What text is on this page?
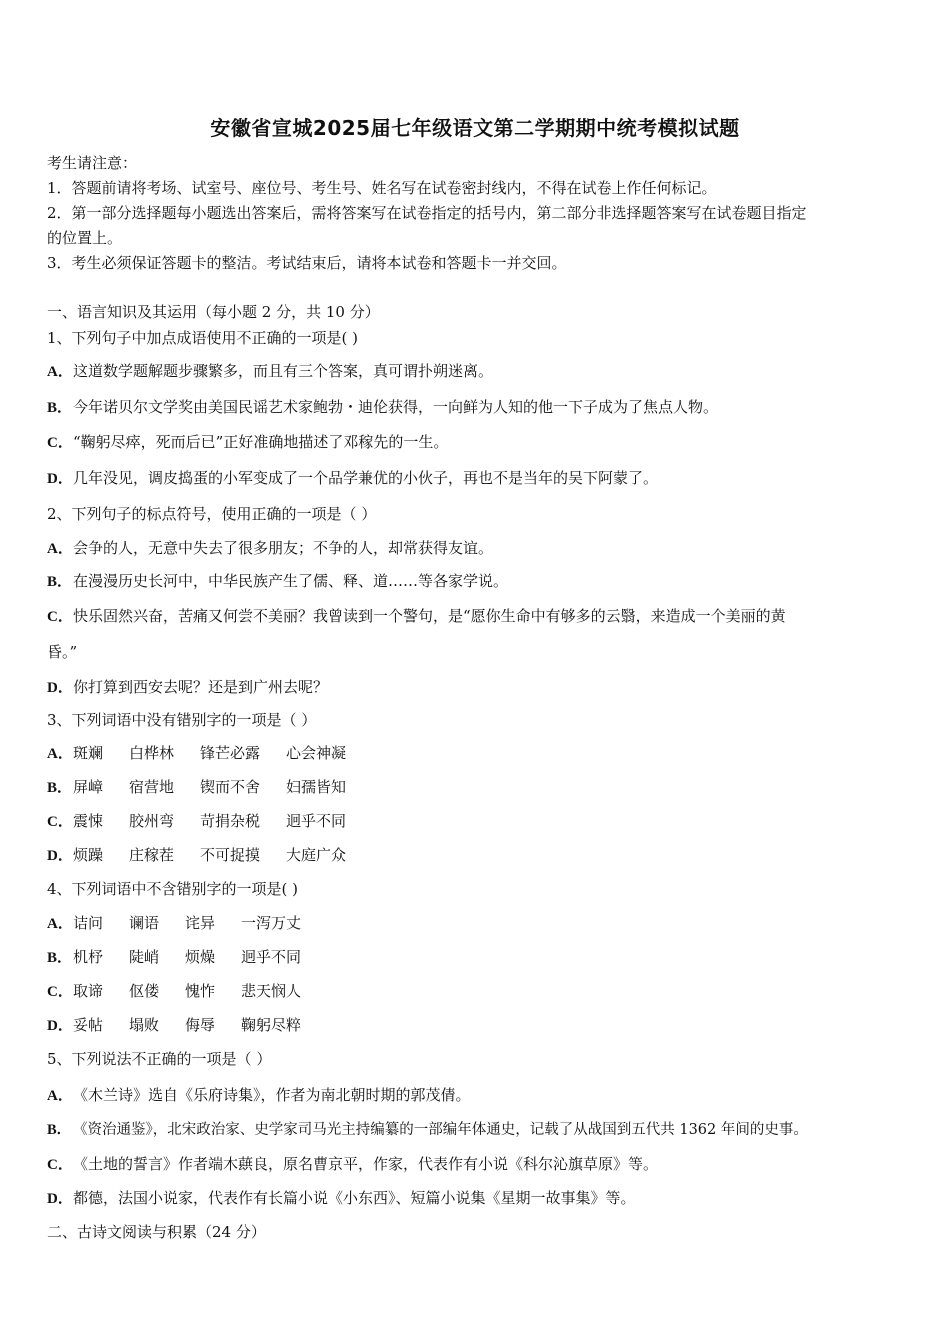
安徽省宣城2025届七年级语文第二学期期中统考模拟试题
考生请注意：
1．答题前请将考场、试室号、座位号、考生号、姓名写在试卷密封线内，不得在试卷上作任何标记。
2．第一部分选择题每小题选出答案后，需将答案写在试卷指定的括号内，第二部分非选择题答案写在试卷题目指定
的位置上。
3．考生必须保证答题卡的整洁。考试结束后，请将本试卷和答题卡一并交回。
一、语言知识及其运用（每小题 2 分，共 10 分）
1、下列句子中加点成语使用不正确的一项是( )
A．这道数学题解题步骤繁多，而且有三个答案，真可谓扑朔迷离。
B．今年诺贝尔文学奖由美国民谣艺术家鲍勃・迪伦获得，一向鲜为人知的他一下子成为了焦点人物。
C．“鞠躬尽瘁，死而后已”正好准确地描述了邓稼先的一生。
D．几年没见，调皮捣蛋的小军变成了一个品学兼优的小伙子，再也不是当年的吴下阿蒙了。
2、下列句子的标点符号，使用正确的一项是（ ）
A．会争的人，无意中失去了很多朋友；不争的人，却常获得友谊。
B．在漫漫历史长河中，中华民族产生了儒、释、道……等各家学说。
C．快乐固然兴奋，苦痛又何尝不美丽？我曾读到一个警句，是“愿你生命中有够多的云翳，来造成一个美丽的黄
昏。”
D．你打算到西安去呢？还是到广州去呢？
3、下列词语中没有错别字的一项是（ ）
A．斑斓 白桦林 锋芒必露 心会神凝
B．屏嶂 宿营地 锲而不舍 妇孺皆知
C．震悚 胶州弯 苛捐杂税 迥乎不同
D．烦躁 庄稼茬 不可捉摸 大庭广众
4、下列词语中不含错别字的一项是( )
A．诘问 谰语 诧异 一泻万丈
B．机杼 陡峭 烦燥 迥乎不同
C．取谛 伛偻 愧怍 悲天悯人
D．妥帖 塌败 侮辱 鞠躬尽粹
5、下列说法不正确的一项是（ ）
A．《木兰诗》选自《乐府诗集》，作者为南北朝时期的郭茂倩。
B． 《资治通鉴》，北宋政治家、史学家司马光主持编纂的一部编年体通史，记载了从战国到五代共 1362 年间的史事。
C．《土地的誓言》作者端木蕻良，原名曹京平，作家，代表作有小说《科尔沁旗草原》等。
D．都德，法国小说家，代表作有长篇小说《小东西》、短篇小说集《星期一故事集》等。
二、古诗文阅读与积累（24 分）
